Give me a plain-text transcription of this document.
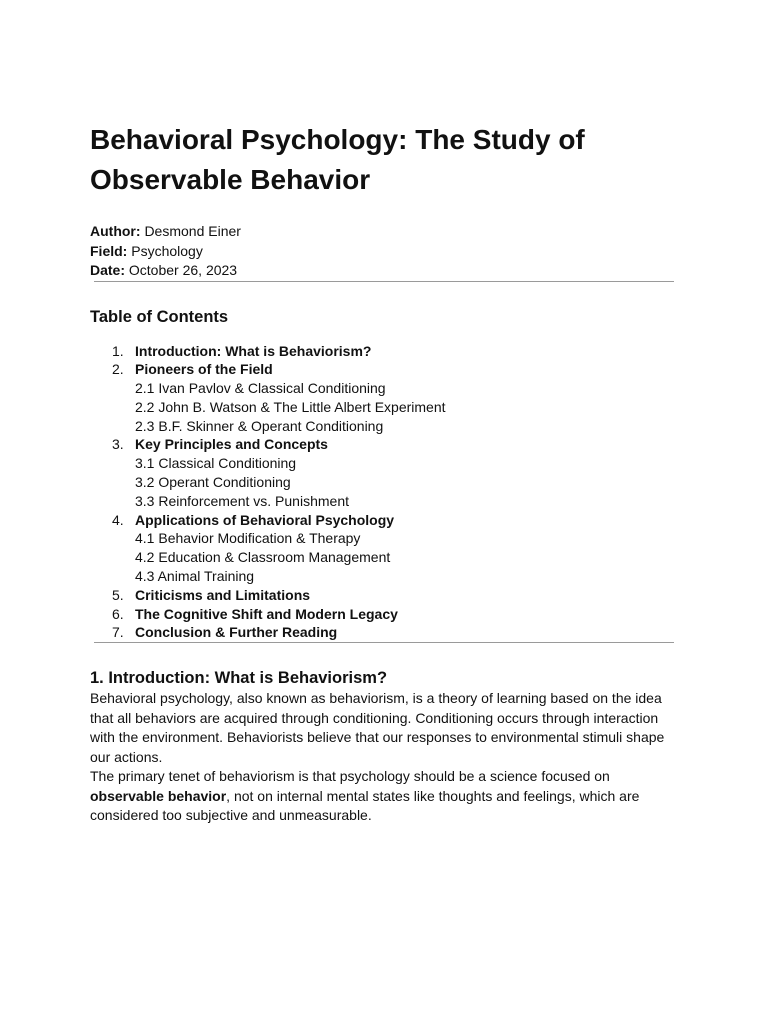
Behavioral Psychology: The Study of Observable Behavior
Author: Desmond Einer
Field: Psychology
Date: October 26, 2023
Table of Contents
1. Introduction: What is Behaviorism?
2. Pioneers of the Field
2.1 Ivan Pavlov & Classical Conditioning
2.2 John B. Watson & The Little Albert Experiment
2.3 B.F. Skinner & Operant Conditioning
3. Key Principles and Concepts
3.1 Classical Conditioning
3.2 Operant Conditioning
3.3 Reinforcement vs. Punishment
4. Applications of Behavioral Psychology
4.1 Behavior Modification & Therapy
4.2 Education & Classroom Management
4.3 Animal Training
5. Criticisms and Limitations
6. The Cognitive Shift and Modern Legacy
7. Conclusion & Further Reading
1. Introduction: What is Behaviorism?

Behavioral psychology, also known as behaviorism, is a theory of learning based on the idea that all behaviors are acquired through conditioning. Conditioning occurs through interaction with the environment. Behaviorists believe that our responses to environmental stimuli shape our actions.

The primary tenet of behaviorism is that psychology should be a science focused on observable behavior, not on internal mental states like thoughts and feelings, which are considered too subjective and unmeasurable.
